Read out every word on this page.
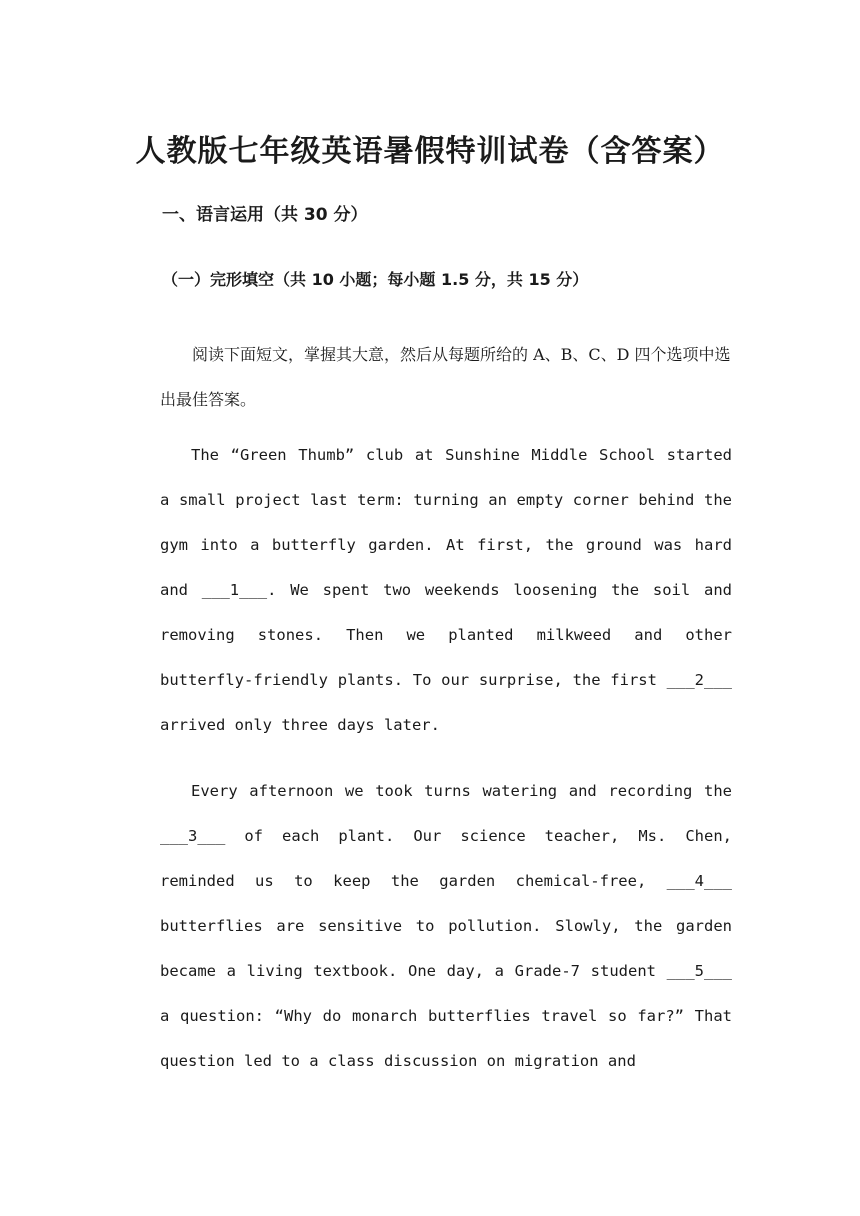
人教版七年级英语暑假特训试卷（含答案）
一、语言运用（共 30 分）
（一）完形填空（共 10 小题；每小题 1.5 分，共 15 分）

阅读下面短文，掌握其大意，然后从每题所给的 A、B、C、D 四个选项中选出最佳答案。

The “Green Thumb” club at Sunshine Middle School started a small project last term: turning an empty corner behind the gym into a butterfly garden. At first, the ground was hard and ___1___. We spent two weekends loosening the soil and removing stones. Then we planted milkweed and other butterfly-friendly plants. To our surprise, the first ___2___ arrived only three days later.

Every afternoon we took turns watering and recording the ___3___ of each plant. Our science teacher, Ms. Chen, reminded us to keep the garden chemical-free, ___4___ butterflies are sensitive to pollution. Slowly, the garden became a living textbook. One day, a Grade-7 student ___5___ a question: “Why do monarch butterflies travel so far?” That question led to a class discussion on migration and
